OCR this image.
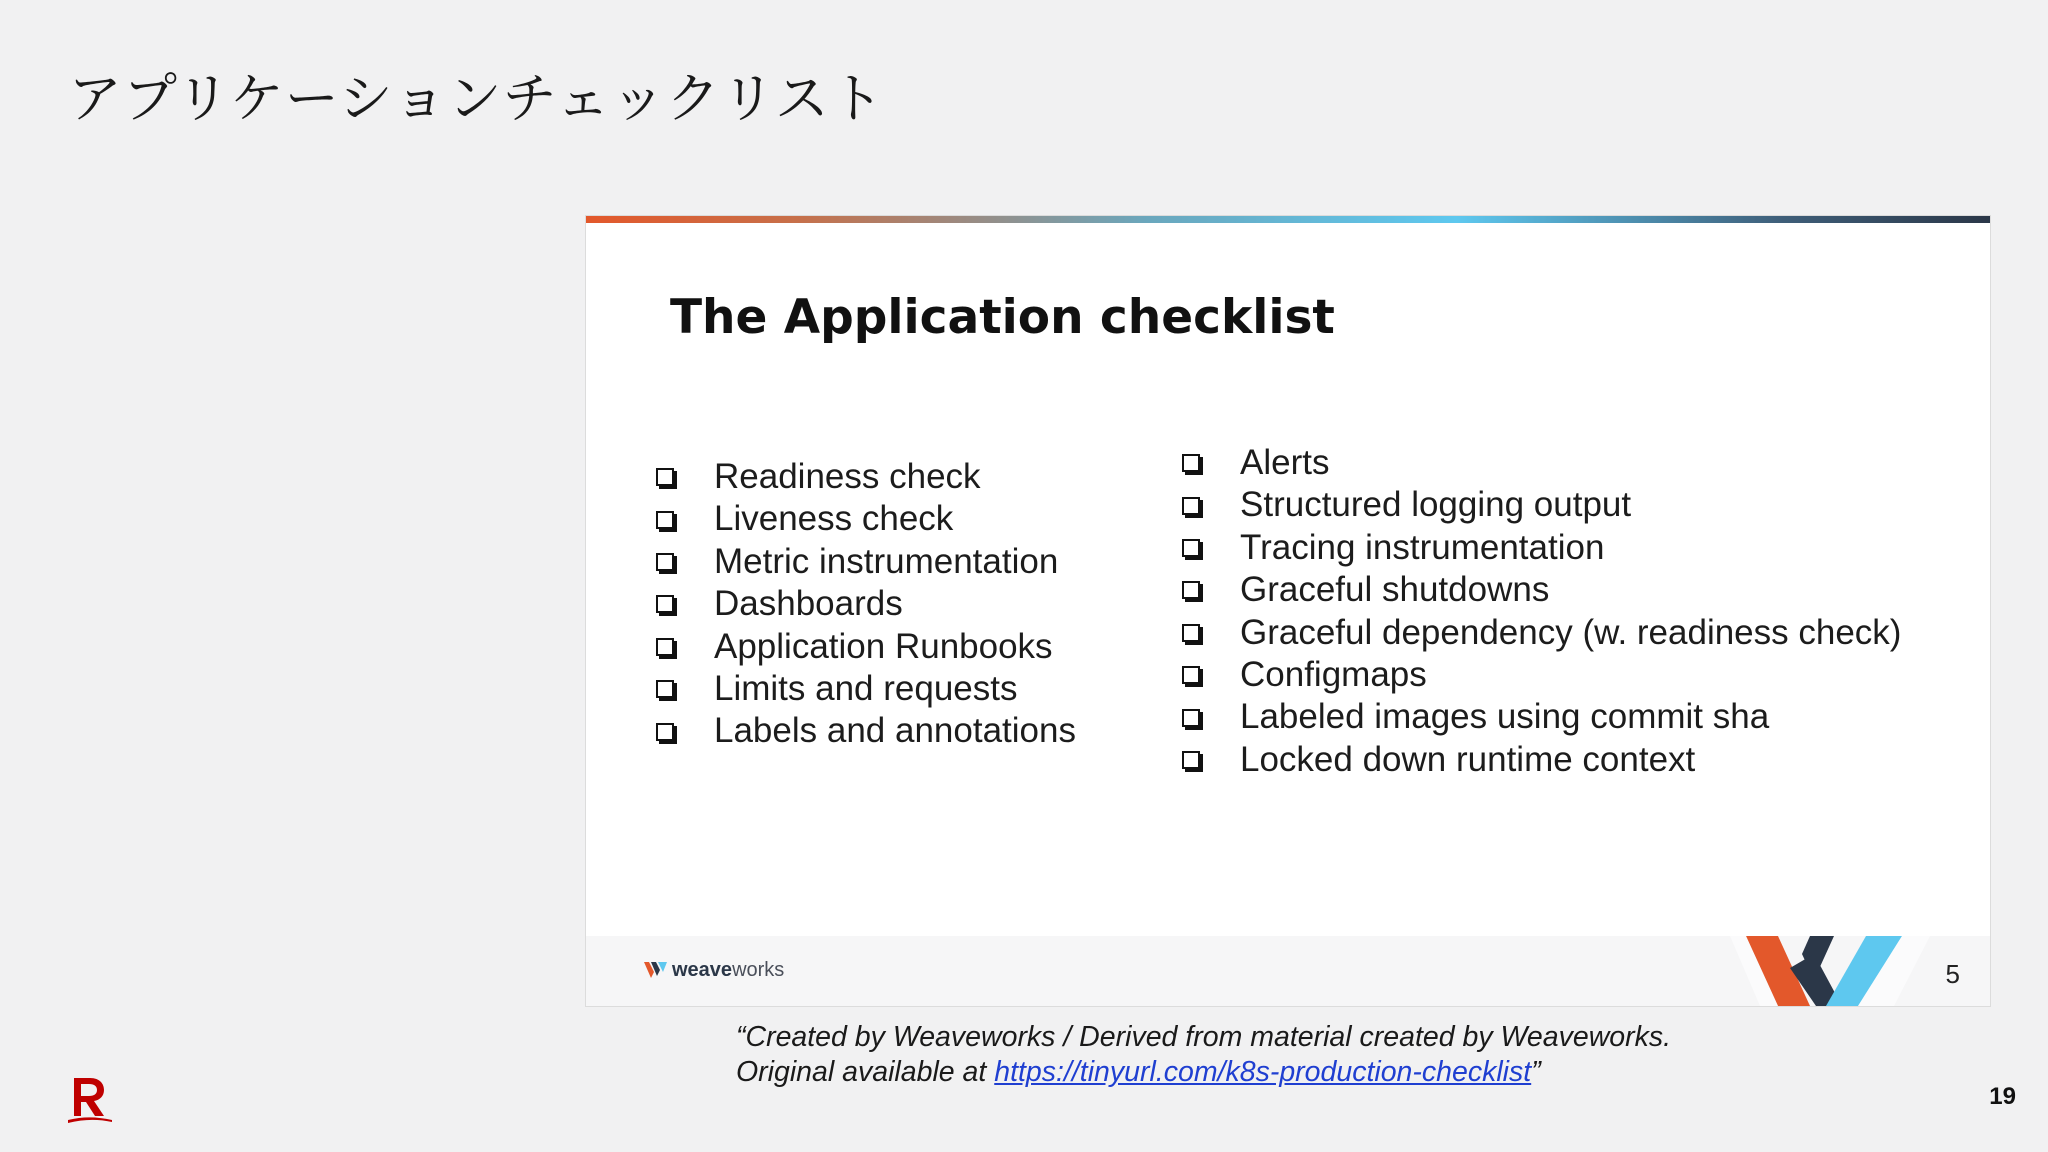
アプリケーションチェックリスト
The Application checklist
Readiness check
Liveness check
Metric instrumentation
Dashboards
Application Runbooks
Limits and requests
Labels and annotations
Alerts
Structured logging output
Tracing instrumentation
Graceful shutdowns
Graceful dependency (w. readiness check)
Configmaps
Labeled images using commit sha
Locked down runtime context
weave works	5
“Created by Weaveworks / Derived from material created by Weaveworks.
Original available at https://tinyurl.com/k8s-production-checklist”
19
